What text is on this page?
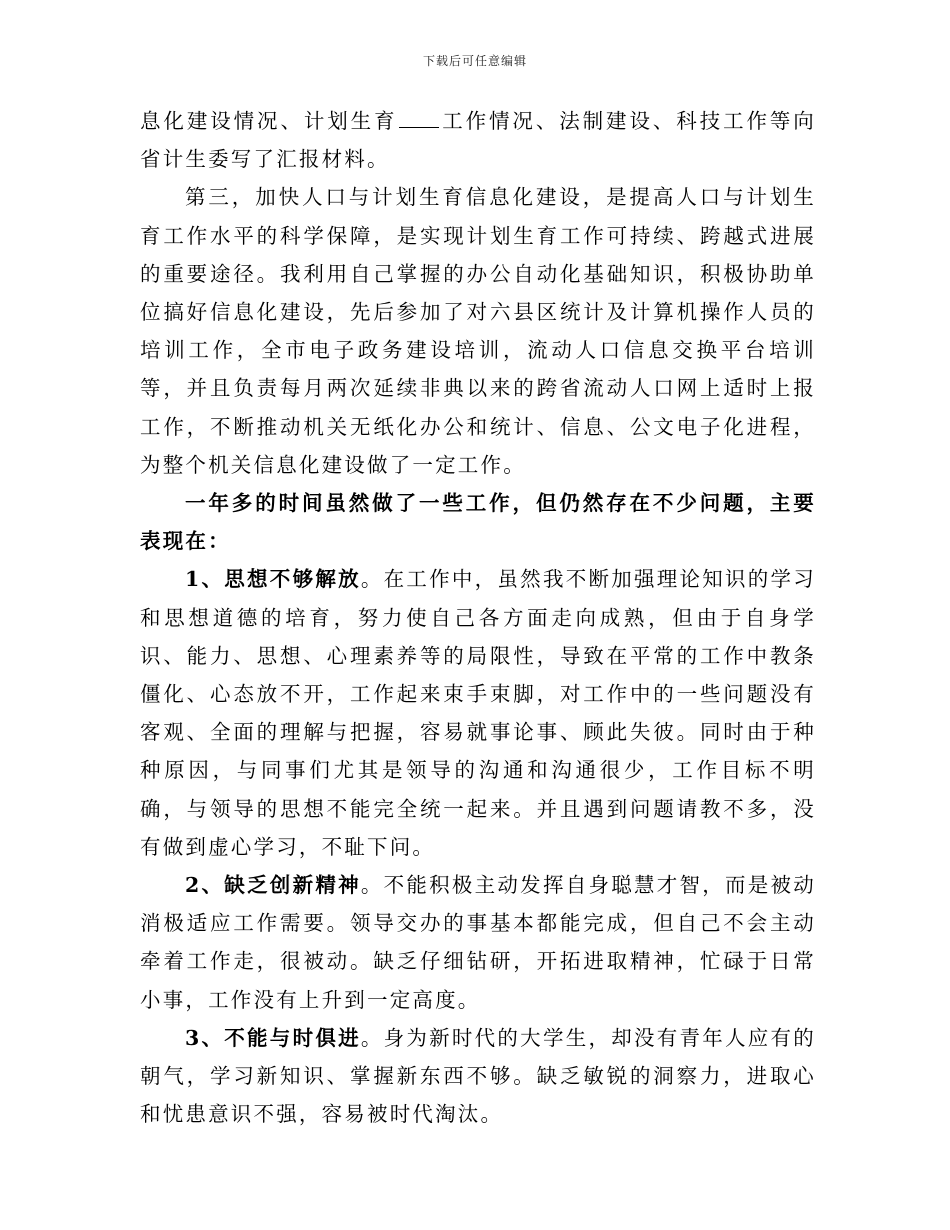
下载后可任意编辑

息化建设情况、计划生育 工作情况、法制建设、科技工作等向省计生委写了汇报材料。

第三，加快人口与计划生育信息化建设，是提高人口与计划生育工作水平的科学保障，是实现计划生育工作可持续、跨越式进展的重要途径。我利用自己掌握的办公自动化基础知识，积极协助单位搞好信息化建设，先后参加了对六县区统计及计算机操作人员的培训工作，全市电子政务建设培训，流动人口信息交换平台培训等，并且负责每月两次延续非典以来的跨省流动人口网上适时上报工作，不断推动机关无纸化办公和统计、信息、公文电子化进程，为整个机关信息化建设做了一定工作。

一年多的时间虽然做了一些工作，但仍然存在不少问题，主要表现在：

1、思想不够解放。在工作中，虽然我不断加强理论知识的学习和思想道德的培育，努力使自己各方面走向成熟，但由于自身学识、能力、思想、心理素养等的局限性，导致在平常的工作中教条僵化、心态放不开，工作起来束手束脚，对工作中的一些问题没有客观、全面的理解与把握，容易就事论事、顾此失彼。同时由于种种原因，与同事们尤其是领导的沟通和沟通很少，工作目标不明确，与领导的思想不能完全统一起来。并且遇到问题请教不多，没有做到虚心学习，不耻下问。

2、缺乏创新精神。不能积极主动发挥自身聪慧才智，而是被动消极适应工作需要。领导交办的事基本都能完成，但自己不会主动牵着工作走，很被动。缺乏仔细钻研，开拓进取精神，忙碌于日常小事，工作没有上升到一定高度。

3、不能与时俱进。身为新时代的大学生，却没有青年人应有的朝气，学习新知识、掌握新东西不够。缺乏敏锐的洞察力，进取心和忧患意识不强，容易被时代淘汰。
